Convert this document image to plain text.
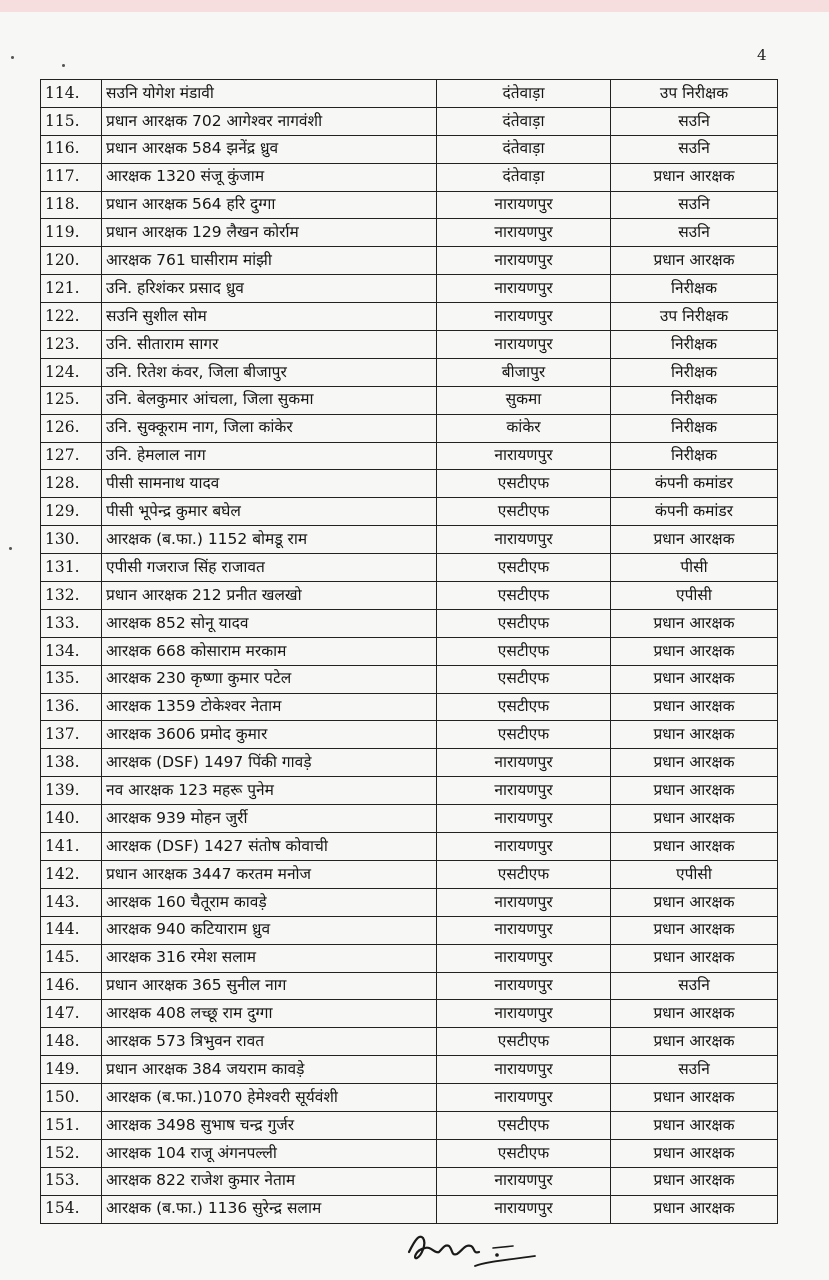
4
114.	सउनि योगेश मंडावी	दंतेवाड़ा	उप निरीक्षक
115.	प्रधान आरक्षक 702 आगेश्वर नागवंशी	दंतेवाड़ा	सउनि
116.	प्रधान आरक्षक 584 झनेंद्र ध्रुव	दंतेवाड़ा	सउनि
117.	आरक्षक 1320 संजू कुंजाम	दंतेवाड़ा	प्रधान आरक्षक
118.	प्रधान आरक्षक 564 हरि दुग्गा	नारायणपुर	सउनि
119.	प्रधान आरक्षक 129 लैखन कोर्राम	नारायणपुर	सउनि
120.	आरक्षक 761 घासीराम मांझी	नारायणपुर	प्रधान आरक्षक
121.	उनि. हरिशंकर प्रसाद ध्रुव	नारायणपुर	निरीक्षक
122.	सउनि सुशील सोम	नारायणपुर	उप निरीक्षक
123.	उनि. सीताराम सागर	नारायणपुर	निरीक्षक
124.	उनि. रितेश कंवर, जिला बीजापुर	बीजापुर	निरीक्षक
125.	उनि. बेलकुमार आंचला, जिला सुकमा	सुकमा	निरीक्षक
126.	उनि. सुक्कूराम नाग, जिला कांकेर	कांकेर	निरीक्षक
127.	उनि. हेमलाल नाग	नारायणपुर	निरीक्षक
128.	पीसी सामनाथ यादव	एसटीएफ	कंपनी कमांडर
129.	पीसी भूपेन्द्र कुमार बघेल	एसटीएफ	कंपनी कमांडर
130.	आरक्षक (ब.फा.) 1152 बोमडू राम	नारायणपुर	प्रधान आरक्षक
131.	एपीसी गजराज सिंह राजावत	एसटीएफ	पीसी
132.	प्रधान आरक्षक 212 प्रनीत खलखो	एसटीएफ	एपीसी
133.	आरक्षक 852 सोनू यादव	एसटीएफ	प्रधान आरक्षक
134.	आरक्षक 668 कोसाराम मरकाम	एसटीएफ	प्रधान आरक्षक
135.	आरक्षक 230 कृष्णा कुमार पटेल	एसटीएफ	प्रधान आरक्षक
136.	आरक्षक 1359 टोकेश्वर नेताम	एसटीएफ	प्रधान आरक्षक
137.	आरक्षक 3606 प्रमोद कुमार	एसटीएफ	प्रधान आरक्षक
138.	आरक्षक (DSF) 1497 पिंकी गावड़े	नारायणपुर	प्रधान आरक्षक
139.	नव आरक्षक 123 महरू पुनेम	नारायणपुर	प्रधान आरक्षक
140.	आरक्षक 939 मोहन जुर्री	नारायणपुर	प्रधान आरक्षक
141.	आरक्षक (DSF) 1427 संतोष कोवाची	नारायणपुर	प्रधान आरक्षक
142.	प्रधान आरक्षक 3447 करतम मनोज	एसटीएफ	एपीसी
143.	आरक्षक 160 चैतूराम कावड़े	नारायणपुर	प्रधान आरक्षक
144.	आरक्षक 940 कटियाराम ध्रुव	नारायणपुर	प्रधान आरक्षक
145.	आरक्षक 316 रमेश सलाम	नारायणपुर	प्रधान आरक्षक
146.	प्रधान आरक्षक 365 सुनील नाग	नारायणपुर	सउनि
147.	आरक्षक 408 लच्छू राम दुग्गा	नारायणपुर	प्रधान आरक्षक
148.	आरक्षक 573 त्रिभुवन रावत	एसटीएफ	प्रधान आरक्षक
149.	प्रधान आरक्षक 384 जयराम कावड़े	नारायणपुर	सउनि
150.	आरक्षक (ब.फा.)1070 हेमेश्वरी सूर्यवंशी	नारायणपुर	प्रधान आरक्षक
151.	आरक्षक 3498 सुभाष चन्द्र गुर्जर	एसटीएफ	प्रधान आरक्षक
152.	आरक्षक 104 राजू अंगनपल्ली	एसटीएफ	प्रधान आरक्षक
153.	आरक्षक 822 राजेश कुमार नेताम	नारायणपुर	प्रधान आरक्षक
154.	आरक्षक (ब.फा.) 1136 सुरेन्द्र सलाम	नारायणपुर	प्रधान आरक्षक
